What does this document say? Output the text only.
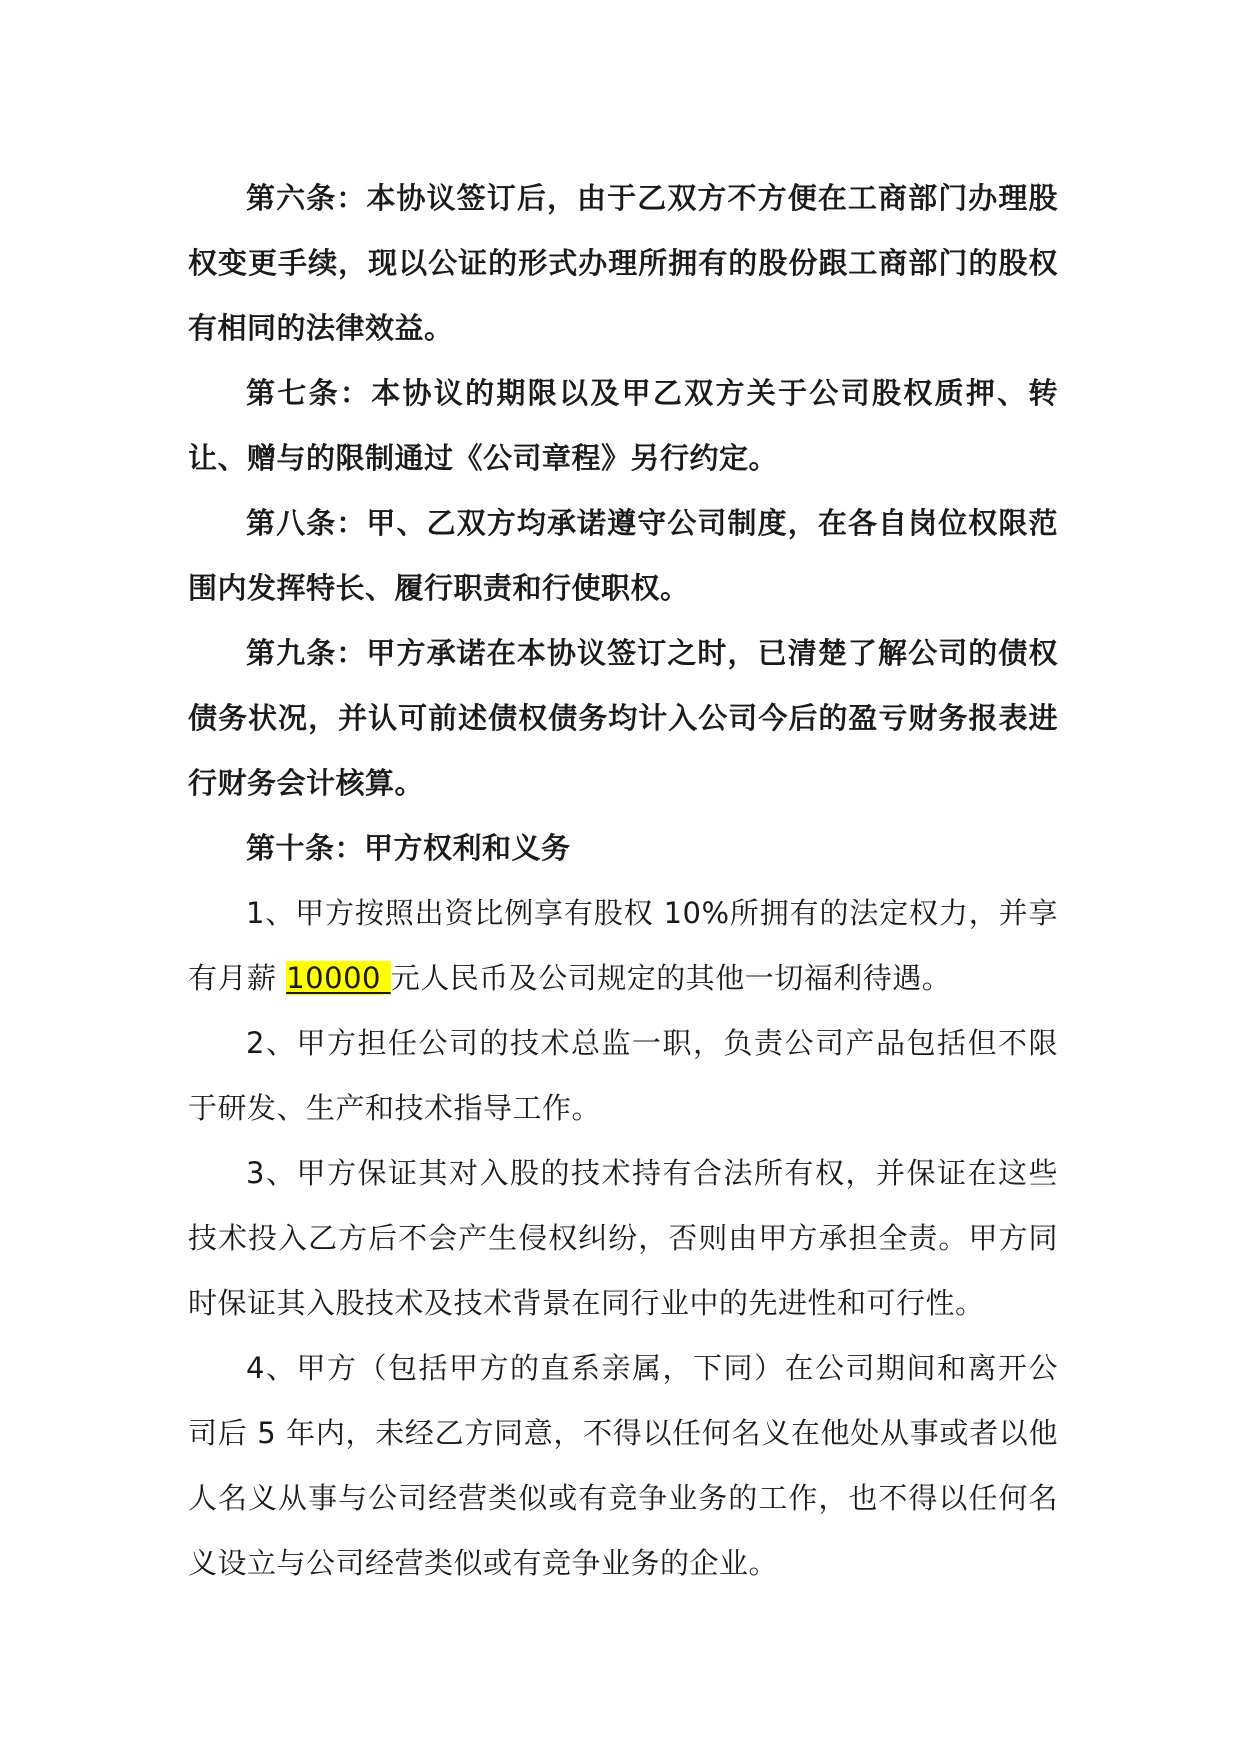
第六条：本协议签订后，由于乙双方不方便在工商部门办理股权变更手续，现以公证的形式办理所拥有的股份跟工商部门的股权有相同的法律效益。

第七条：本协议的期限以及甲乙双方关于公司股权质押、转让、赠与的限制通过《公司章程》另行约定。

第八条：甲、乙双方均承诺遵守公司制度，在各自岗位权限范围内发挥特长、履行职责和行使职权。

第九条：甲方承诺在本协议签订之时，已清楚了解公司的债权债务状况，并认可前述债权债务均计入公司今后的盈亏财务报表进行财务会计核算。

第十条：甲方权利和义务

1、甲方按照出资比例享有股权 10%所拥有的法定权力，并享有月薪 10000 元人民币及公司规定的其他一切福利待遇。

2、甲方担任公司的技术总监一职，负责公司产品包括但不限于研发、生产和技术指导工作。

3、甲方保证其对入股的技术持有合法所有权，并保证在这些技术投入乙方后不会产生侵权纠纷，否则由甲方承担全责。甲方同时保证其入股技术及技术背景在同行业中的先进性和可行性。

4、甲方（包括甲方的直系亲属，下同）在公司期间和离开公司后 5 年内，未经乙方同意，不得以任何名义在他处从事或者以他人名义从事与公司经营类似或有竞争业务的工作，也不得以任何名义设立与公司经营类似或有竞争业务的企业。
